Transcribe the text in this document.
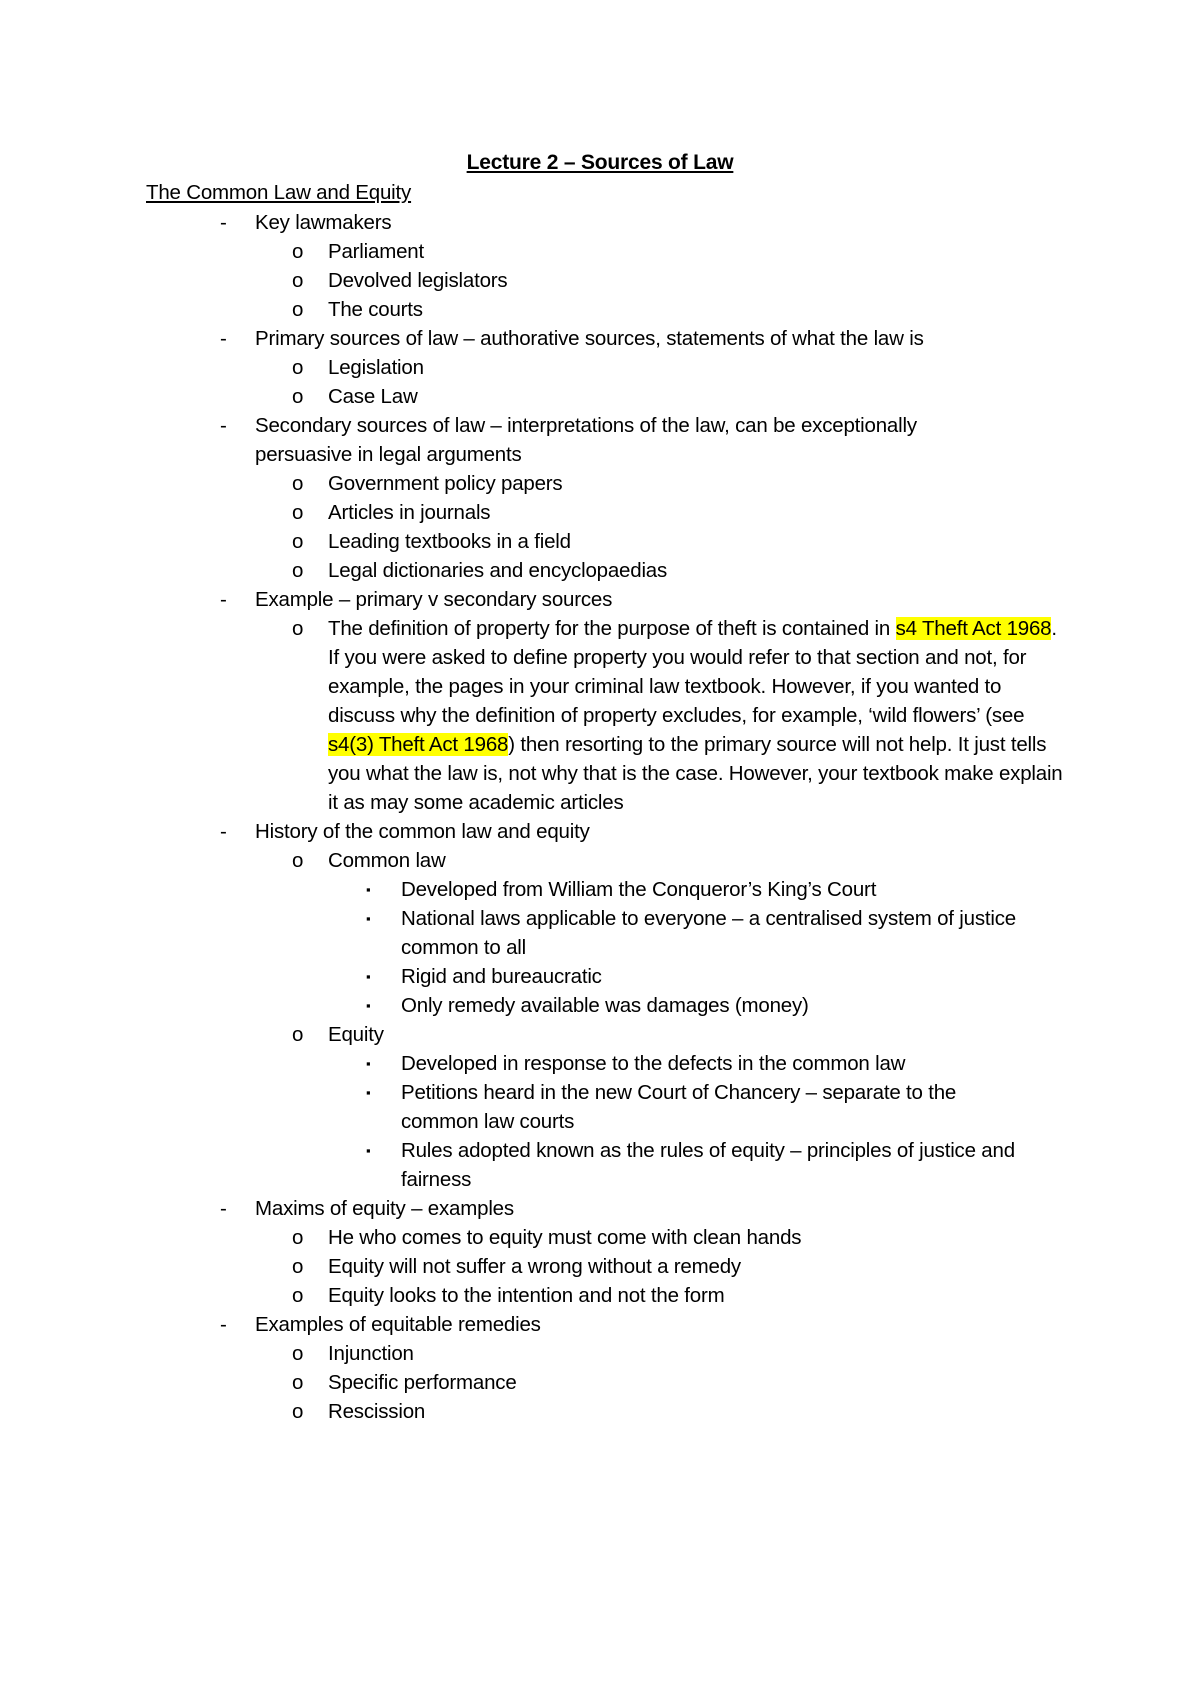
Lecture 2 – Sources of Law
The Common Law and Equity
- Key lawmakers
o Parliament
o Devolved legislators
o The courts
- Primary sources of law – authorative sources, statements of what the law is
o Legislation
o Case Law
- Secondary sources of law – interpretations of the law, can be exceptionally persuasive in legal arguments
o Government policy papers
o Articles in journals
o Leading textbooks in a field
o Legal dictionaries and encyclopaedias
- Example – primary v secondary sources
o The definition of property for the purpose of theft is contained in s4 Theft Act 1968. If you were asked to define property you would refer to that section and not, for example, the pages in your criminal law textbook. However, if you wanted to discuss why the definition of property excludes, for example, ‘wild flowers’ (see s4(3) Theft Act 1968) then resorting to the primary source will not help. It just tells you what the law is, not why that is the case. However, your textbook make explain it as may some academic articles
- History of the common law and equity
o Common law
▪ Developed from William the Conqueror’s King’s Court
▪ National laws applicable to everyone – a centralised system of justice common to all
▪ Rigid and bureaucratic
▪ Only remedy available was damages (money)
o Equity
▪ Developed in response to the defects in the common law
▪ Petitions heard in the new Court of Chancery – separate to the common law courts
▪ Rules adopted known as the rules of equity – principles of justice and fairness
- Maxims of equity – examples
o He who comes to equity must come with clean hands
o Equity will not suffer a wrong without a remedy
o Equity looks to the intention and not the form
- Examples of equitable remedies
o Injunction
o Specific performance
o Rescission
